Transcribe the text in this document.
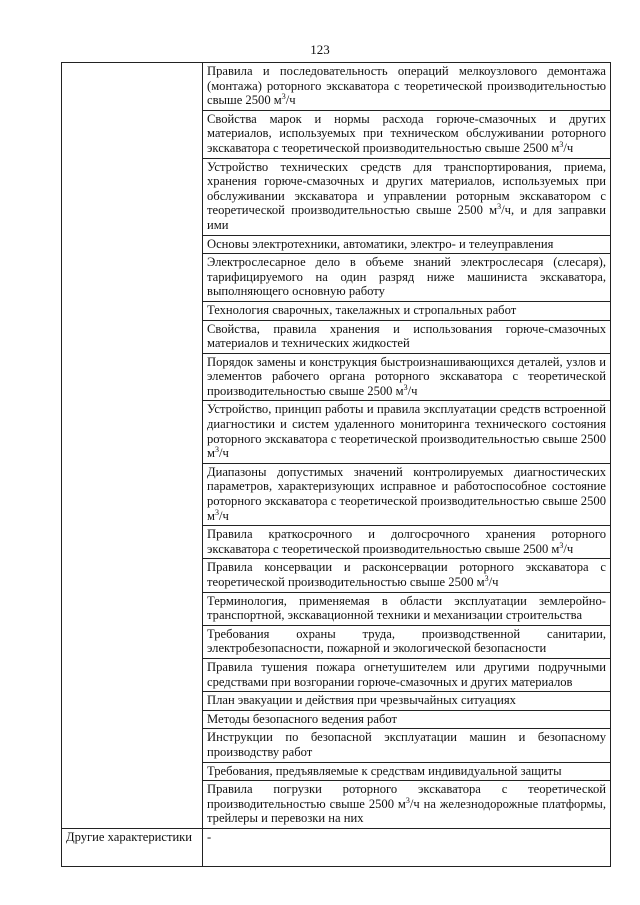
123
	Правила и последовательность операций мелкоузлового демонтажа (монтажа) роторного экскаватора с теоретической производительностью свыше 2500 $м^3/ч$
	Свойства марок и нормы расхода горюче-смазочных и других материалов, используемых при техническом обслуживании роторного экскаватора с теоретической производительностью свыше 2500 $м^3/ч$
	Устройство технических средств для транспортирования, приема, хранения горюче-смазочных и других материалов, используемых при обслуживании экскаватора и управлении роторным экскаватором с теоретической производительностью свыше 2500 $м^3/ч$, и для заправки ими
	Основы электротехники, автоматики, электро- и телеуправления
	Электрослесарное дело в объеме знаний электрослесаря (слесаря), тарифицируемого на один разряд ниже машиниста экскаватора, выполняющего основную работу
	Технология сварочных, такелажных и стропальных работ
	Свойства, правила хранения и использования горюче-смазочных материалов и технических жидкостей
	Порядок замены и конструкция быстроизнашивающихся деталей, узлов и элементов рабочего органа роторного экскаватора с теоретической производительностью свыше 2500 $м^3/ч$
	Устройство, принцип работы и правила эксплуатации средств встроенной диагностики и систем удаленного мониторинга технического состояния роторного экскаватора с теоретической производительностью свыше 2500 $м^3/ч$
	Диапазоны допустимых значений контролируемых диагностических параметров, характеризующих исправное и работоспособное состояние роторного экскаватора с теоретической производительностью свыше 2500 $м^3/ч$
	Правила краткосрочного и долгосрочного хранения роторного экскаватора с теоретической производительностью свыше 2500 $м^3/ч$
	Правила консервации и расконсервации роторного экскаватора с теоретической производительностью свыше 2500 $м^3/ч$
	Терминология, применяемая в области эксплуатации землеройно-транспортной, экскавационной техники и механизации строительства
	Требования охраны труда, производственной санитарии, электробезопасности, пожарной и экологической безопасности
	Правила тушения пожара огнетушителем или другими подручными средствами при возгорании горюче-смазочных и других материалов
	План эвакуации и действия при чрезвычайных ситуациях
	Методы безопасного ведения работ
	Инструкции по безопасной эксплуатации машин и безопасному производству работ
	Требования, предъявляемые к средствам индивидуальной защиты
	Правила погрузки роторного экскаватора с теоретической производительностью свыше 2500 $м^3/ч$ на железнодорожные платформы, трейлеры и перевозки на них
Другие характеристики	-
